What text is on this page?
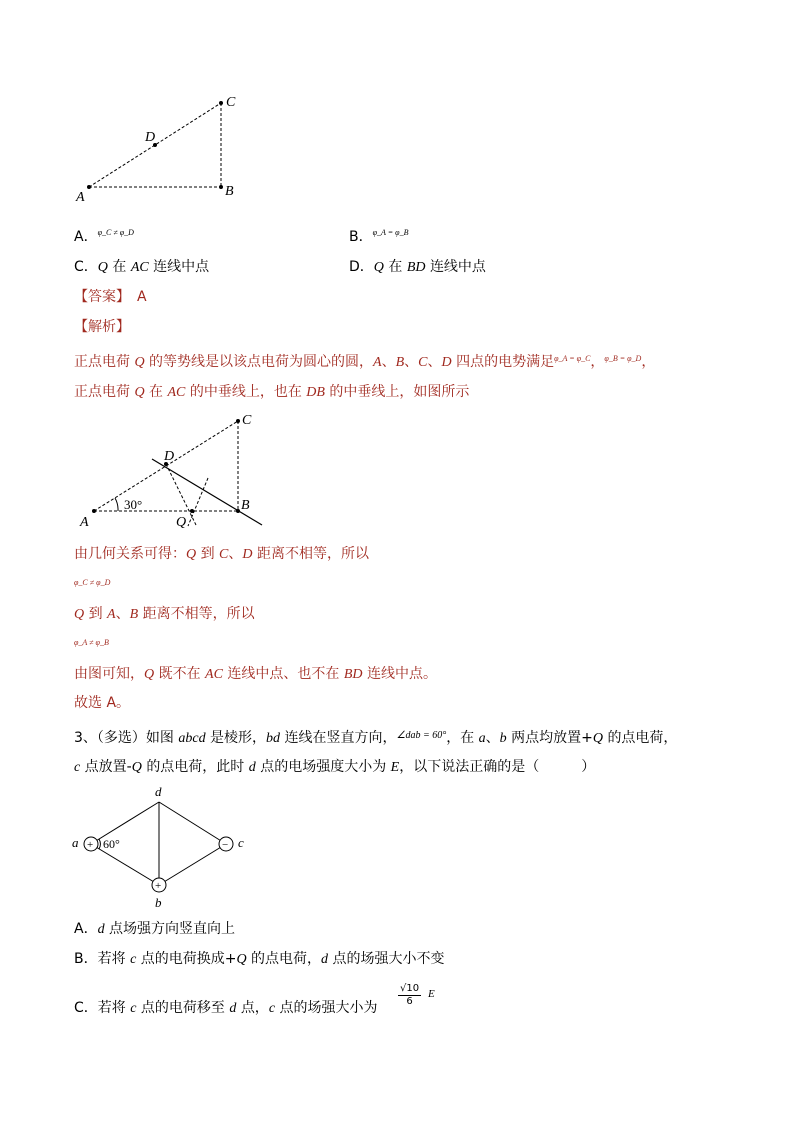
C
D
A	B
A．$^{\varphi\_C \ne \varphi\_D}$	B．$^{\varphi\_A = \varphi\_B}$
C．Q 在 AC 连线中点	D．Q 在 BD 连线中点
【答案】　 A
【解析】
正点电荷 Q 的等势线是以该点电荷为圆心的圆，A、B、C、D 四点的电势满足$^{\varphi\_A = \varphi\_C}$，$^{\varphi\_B = \varphi\_D}$，
正点电荷 Q 在 AC 的中垂线上，也在 DB 的中垂线上，如图所示
C
D
A
B
Q
30°
由几何关系可得：Q 到 C、D 距离不相等，所以
φ_C ≠ φ_D
Q 到 A、B 距离不相等，所以
φ_A ≠ φ_B
由图可知，Q 既不在 AC 连线中点、也不在 BD 连线中点。
故选 A。
3、（多选）如图 abcd 是棱形，bd 连线在竖直方向，$^{\angle dab = 60^\circ}$，在 a、b 两点均放置+Q 的点电荷，
c 点放置-Q 的点电荷，此时 d 点的电场强度大小为 E，以下说法正确的是（　　　）
+	−
+
d
a	c
b
60°
A．d 点场强方向竖直向上
B．若将 c 点的电荷换成+Q 的点电荷，d 点的场强大小不变
C．若将 c 点的电荷移至 d 点，c 点的场强大小为
√10
6
E
